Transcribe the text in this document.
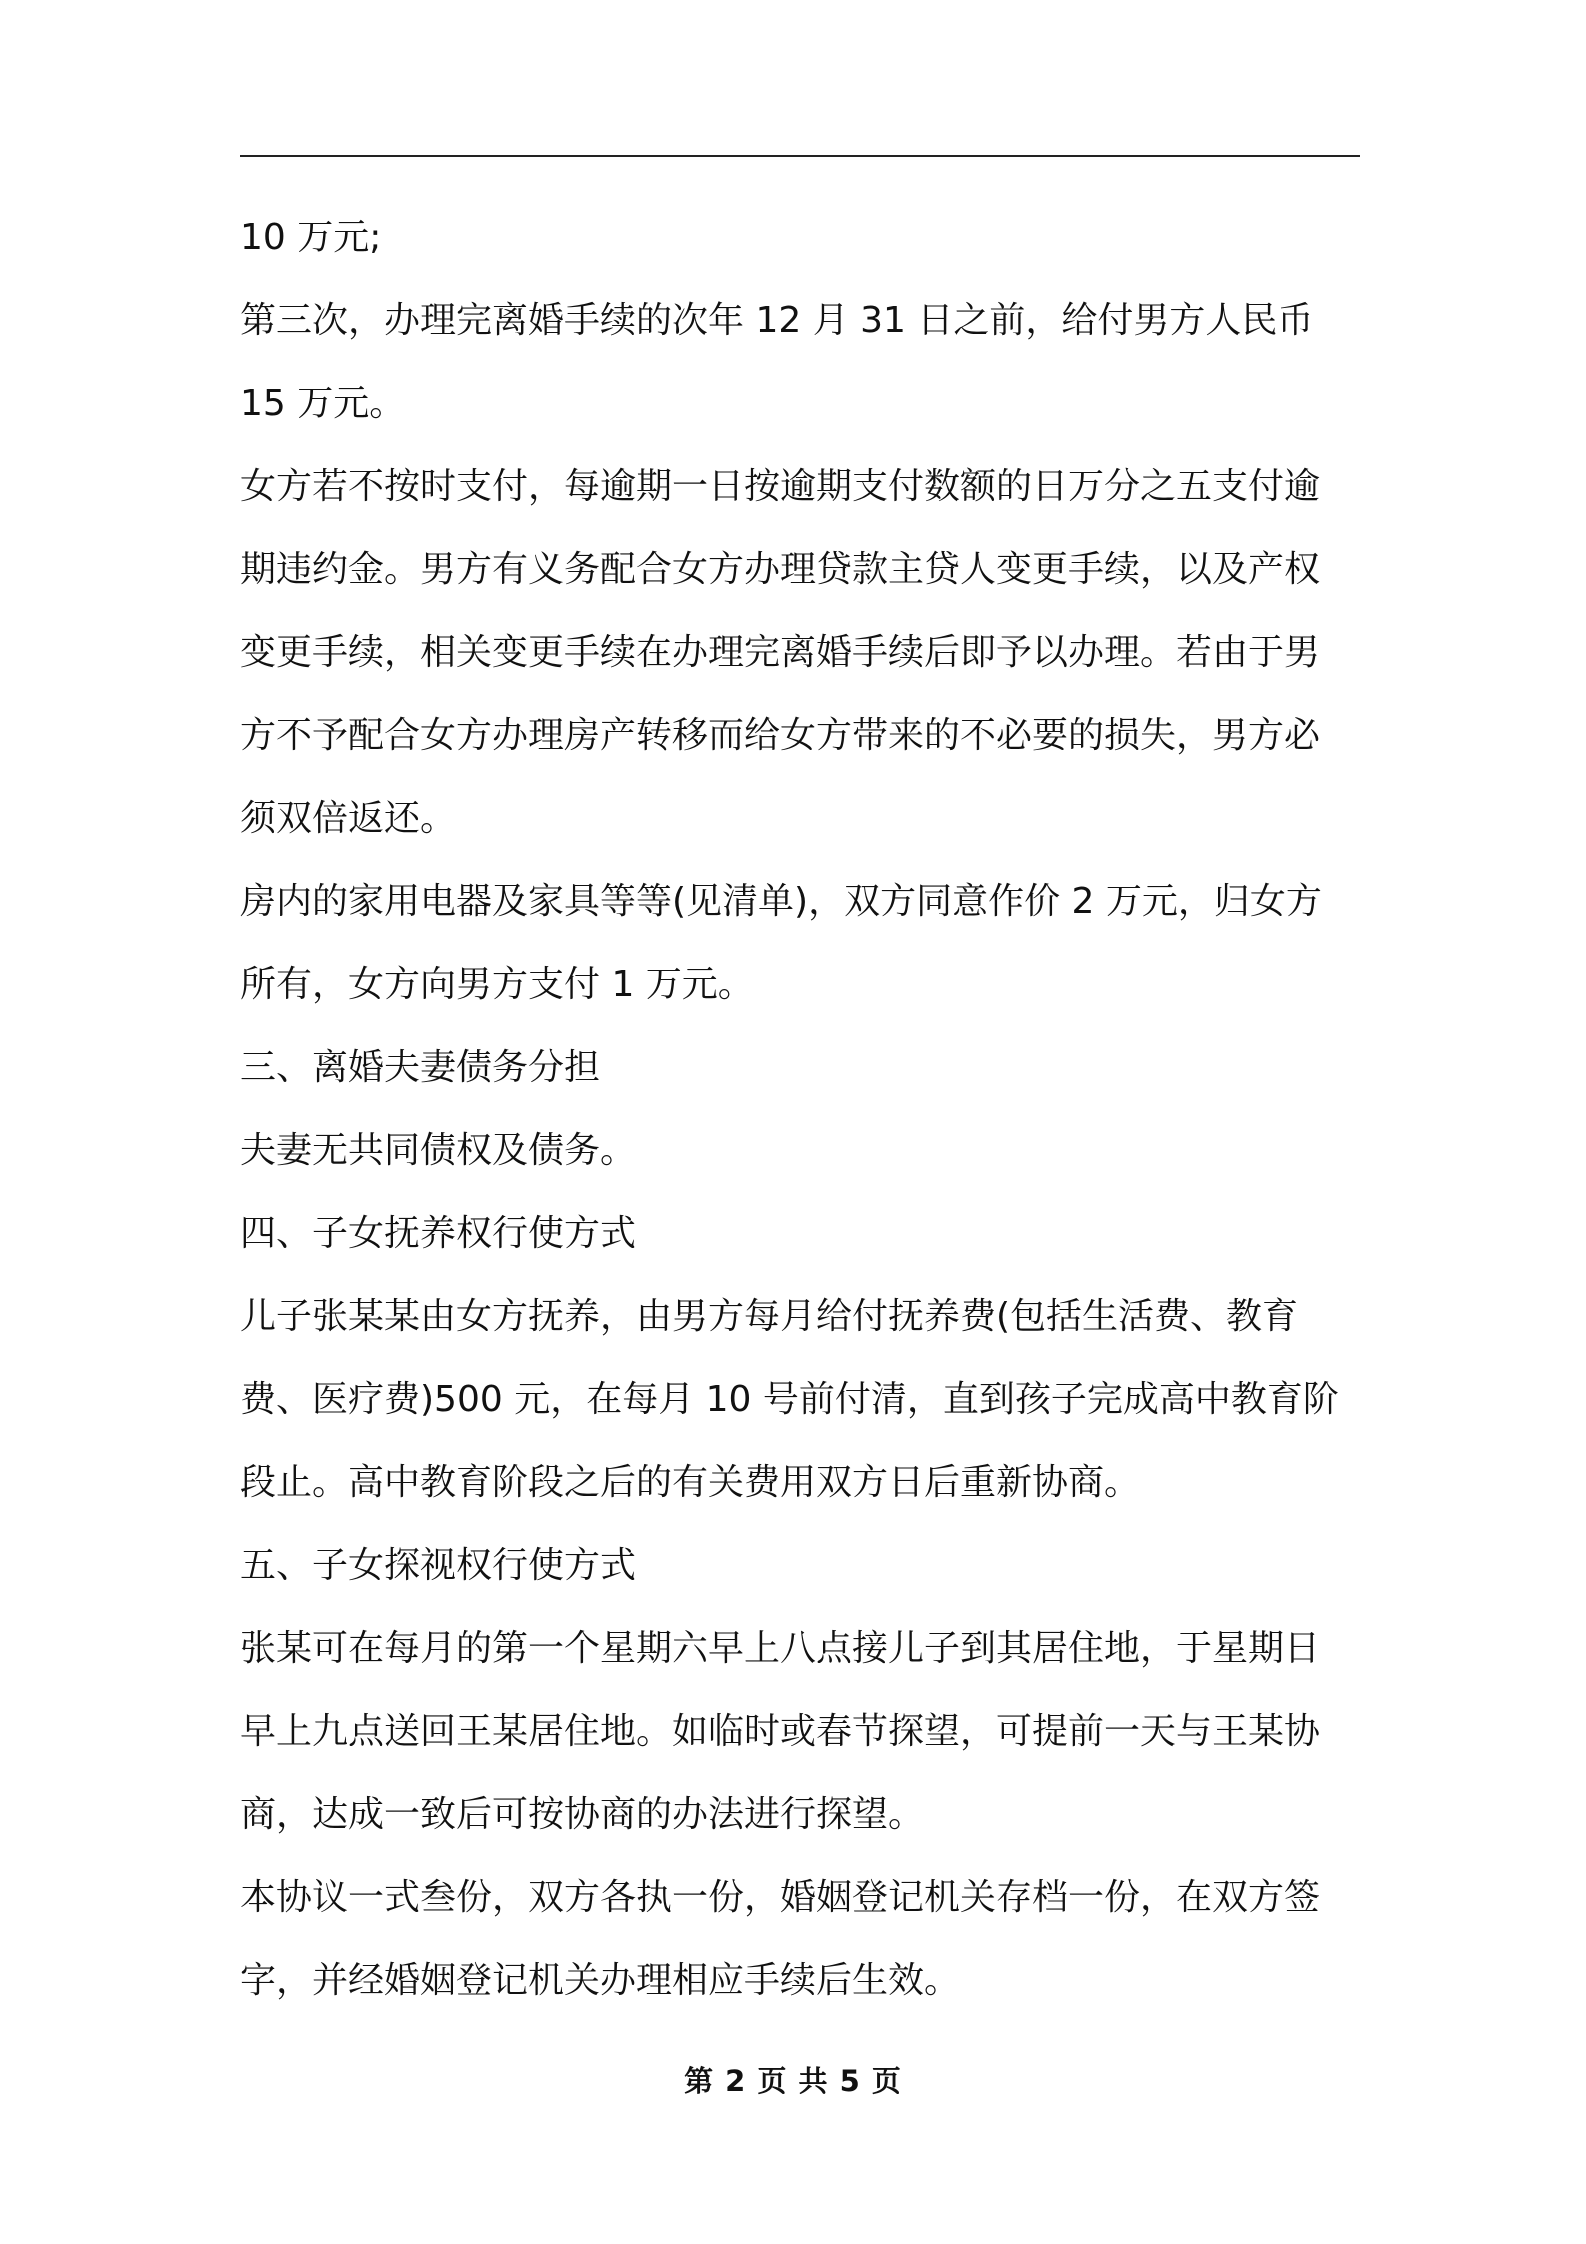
10 万元;
第三次，办理完离婚手续的次年 12 月 31 日之前，给付男方人民币
15 万元。
女方若不按时支付，每逾期一日按逾期支付数额的日万分之五支付逾
期违约金。男方有义务配合女方办理贷款主贷人变更手续，以及产权
变更手续，相关变更手续在办理完离婚手续后即予以办理。若由于男
方不予配合女方办理房产转移而给女方带来的不必要的损失，男方必
须双倍返还。
房内的家用电器及家具等等(见清单)，双方同意作价 2 万元，归女方
所有，女方向男方支付 1 万元。
三、离婚夫妻债务分担
夫妻无共同债权及债务。
四、子女抚养权行使方式
儿子张某某由女方抚养，由男方每月给付抚养费(包括生活费、教育
费、医疗费)500 元，在每月 10 号前付清，直到孩子完成高中教育阶
段止。高中教育阶段之后的有关费用双方日后重新协商。
五、子女探视权行使方式
张某可在每月的第一个星期六早上八点接儿子到其居住地，于星期日
早上九点送回王某居住地。如临时或春节探望，可提前一天与王某协
商，达成一致后可按协商的办法进行探望。
本协议一式叁份，双方各执一份，婚姻登记机关存档一份，在双方签
字，并经婚姻登记机关办理相应手续后生效。
第 2 页 共 5 页
